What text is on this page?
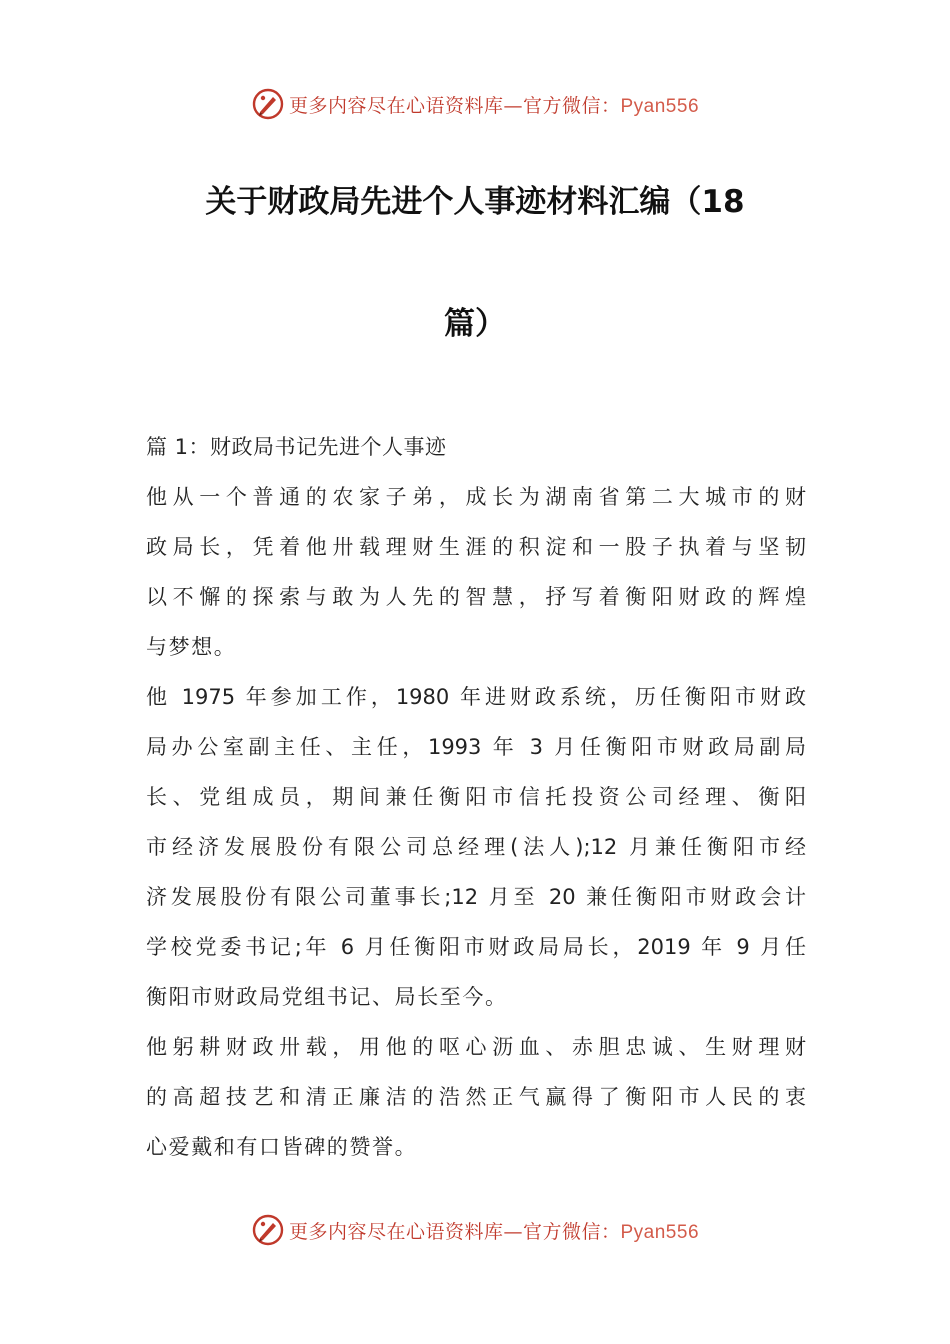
更多内容尽在心语资料库—官方微信：Pyan556
关于财政局先进个人事迹材料汇编（18
篇）
篇 1：财政局书记先进个人事迹
他从一个普通的农家子弟，成长为湖南省第二大城市的财
政局长，凭着他卅载理财生涯的积淀和一股子执着与坚韧
以不懈的探索与敢为人先的智慧，抒写着衡阳财政的辉煌
与梦想。
他 1975 年参加工作，1980 年进财政系统，历任衡阳市财政
局办公室副主任、主任，1993 年 3 月任衡阳市财政局副局
长、党组成员，期间兼任衡阳市信托投资公司经理、衡阳
市经济发展股份有限公司总经理(法人);12 月兼任衡阳市经
济发展股份有限公司董事长;12 月至 20 兼任衡阳市财政会计
学校党委书记;年 6 月任衡阳市财政局局长，2019 年 9 月任
衡阳市财政局党组书记、局长至今。
他躬耕财政卅载，用他的呕心沥血、赤胆忠诚、生财理财
的高超技艺和清正廉洁的浩然正气赢得了衡阳市人民的衷
心爱戴和有口皆碑的赞誉。
更多内容尽在心语资料库—官方微信：Pyan556
